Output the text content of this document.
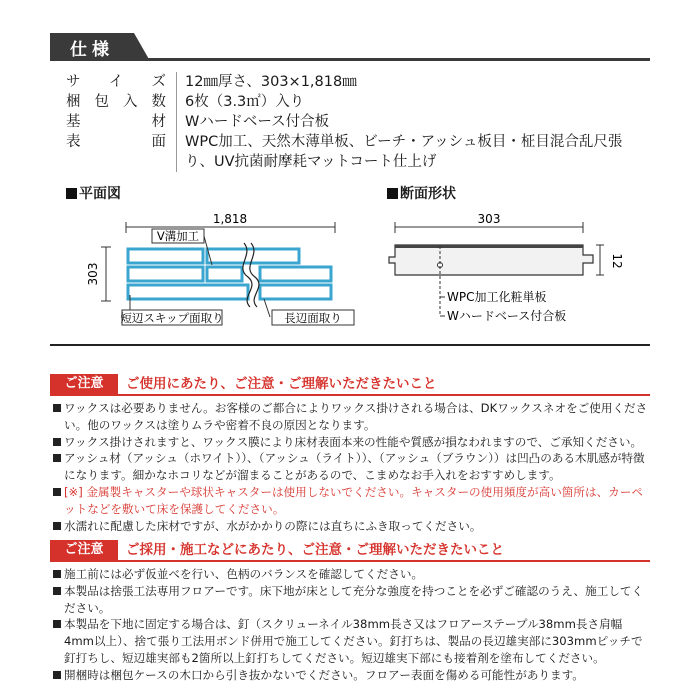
仕様
サ イ ズ 12㎜厚さ、303×1,818㎜
梱 包 入 数 6枚（3.3㎡）入り
基	材 Wハードベース付合板
表	面 WPC加工、天然木薄単板、ビーチ・アッシュ板目・柾目混合乱尺張り、UV抗菌耐摩耗マットコート仕上げ
平面図	断面形状
1,818
303
V溝加工
短辺スキップ面取り	長辺面取り
303
12
WPC加工化粧単板
Wハードベース付合板
ご注意	ご使用にあたり、ご注意・ご理解いただきたいこと
ワックスは必要ありません。お客様のご都合によりワックス掛けされる場合は、DKワックスネオをご使用ください。他のワックスは塗りムラや密着不良の原因となります。
ワックス掛けされますと、ワックス膜により床材表面本来の性能や質感が損なわれますので、ご承知ください。
アッシュ材（アッシュ（ホワイト））、（アッシュ（ライト））、（アッシュ（ブラウン））は凹凸のある木肌感が特徴になります。細かなホコリなどが溜まることがあるので、こまめなお手入れをおすすめします。
[※] 金属製キャスターや球状キャスターは使用しないでください。キャスターの使用頻度が高い箇所は、カーペットなどを敷いて床を保護してください。
水濡れに配慮した床材ですが、水がかかりの際には直ちにふき取ってください。
ご注意	ご採用・施工などにあたり、ご注意・ご理解いただきたいこと
施工前には必ず仮並べを行い、色柄のバランスを確認してください。
本製品は捨張工法専用フロアーです。床下地が床として充分な強度を持つことを必ずご確認のうえ、施工してください。
本製品を下地に固定する場合は、釘（スクリューネイル38mm長さ又はフロアーステープル38mm長さ肩幅4mm以上）、捨て張り工法用ボンド併用で施工してください。釘打ちは、製品の長辺雄実部に303mmピッチで釘打ちし、短辺雄実部も2箇所以上釘打ちしてください。短辺雄実下部にも接着剤を塗布してください。
開梱時は梱包ケースの木口から引き抜かないでください。フロアー表面を傷める可能性があります。
